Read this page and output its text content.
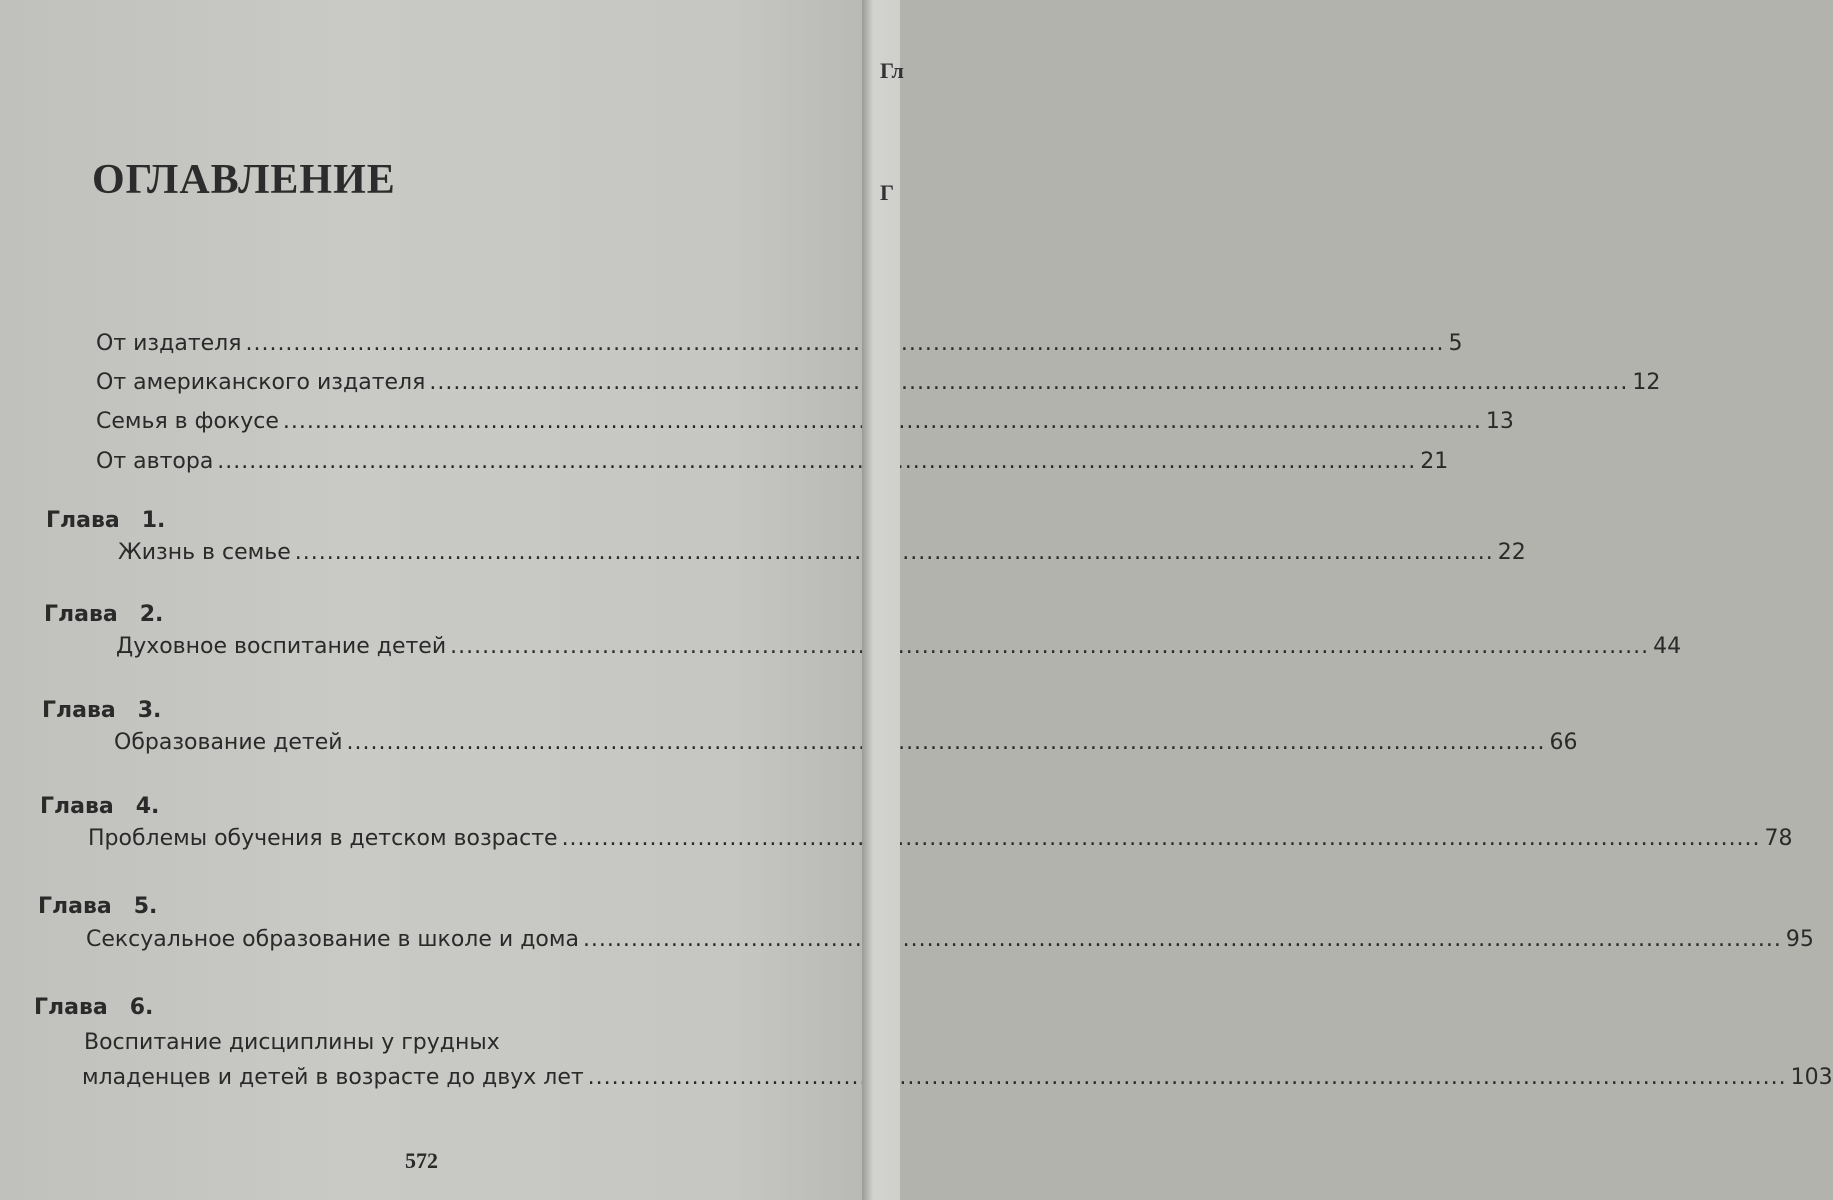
ОГЛАВЛЕНИЕ
От издателя .....	5
От американского издателя .....	12
Семья в фокусе .....	13
От автора .....	21
Глава 1.
Жизнь в семье .....	22
Глава 2.
Духовное воспитание детей .....	44
Глава 3.
Образование детей .....	66
Глава 4.
Проблемы обучения в детском возрасте .....	78
Глава 5.
Сексуальное образование в школе и дома .....	95
Глава 6.
Воспитание дисциплины у грудных
младенцев и детей в возрасте до двух лет .....	103
572
Гл
Г
